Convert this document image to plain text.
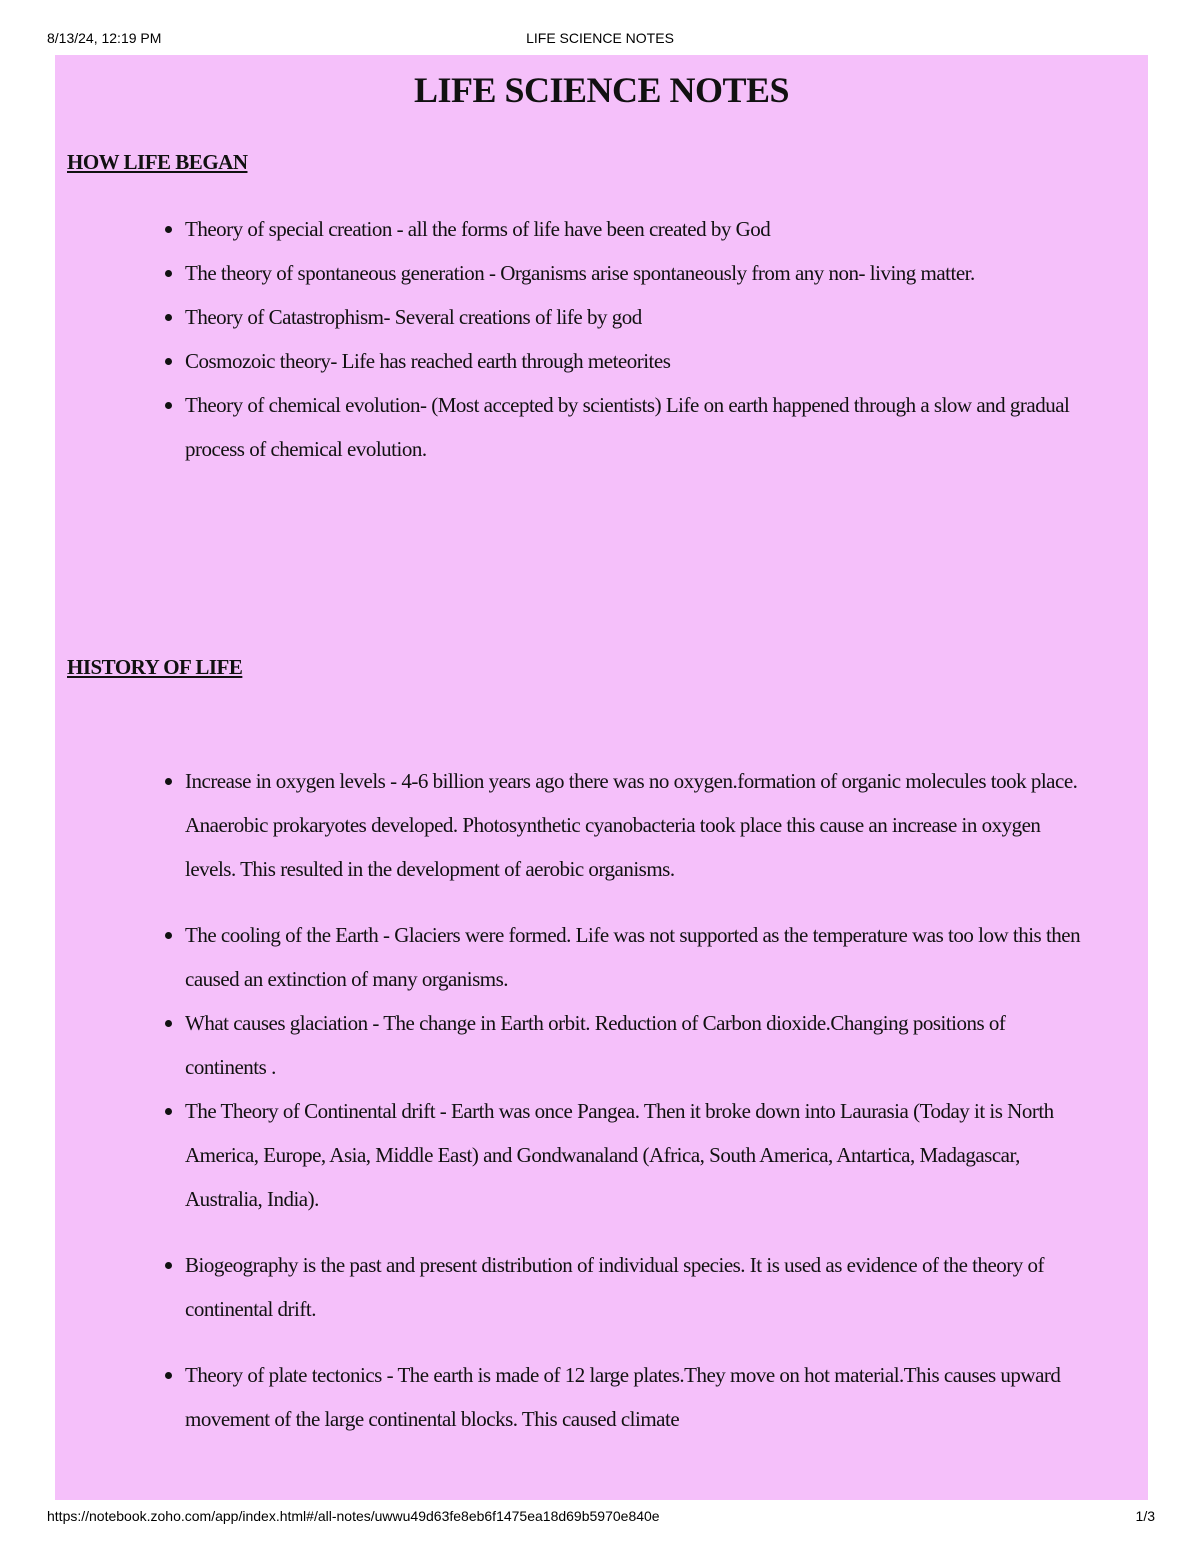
8/13/24, 12:19 PM	LIFE SCIENCE NOTES
LIFE SCIENCE NOTES
HOW LIFE BEGAN
Theory of special creation - all the forms of life have been created by God
The theory of spontaneous generation - Organisms arise spontaneously from any non- living matter.
Theory of Catastrophism- Several creations of life by god
Cosmozoic theory- Life has reached earth through meteorites
Theory of chemical evolution- (Most accepted by scientists) Life on earth happened through a slow and gradual process of chemical evolution.
HISTORY OF LIFE
Increase in oxygen levels - 4-6 billion years ago there was no oxygen.formation of organic molecules took place. Anaerobic prokaryotes developed. Photosynthetic cyanobacteria took place this cause an increase in oxygen levels. This resulted in the development of aerobic organisms.
The cooling of the Earth - Glaciers were formed. Life was not supported as the temperature was too low this then caused an extinction of many organisms.
What causes glaciation - The change in Earth orbit. Reduction of Carbon dioxide.Changing positions of continents .
The Theory of Continental drift - Earth was once Pangea. Then it broke down into Laurasia (Today it is North America, Europe, Asia, Middle East) and Gondwanaland (Africa, South America, Antartica, Madagascar, Australia, India).
Biogeography is the past and present distribution of individual species. It is used as evidence of the theory of continental drift.
Theory of plate tectonics - The earth is made of 12 large plates.They move on hot material.This causes upward movement of the large continental blocks. This caused climate
https://notebook.zoho.com/app/index.html#/all-notes/uwwu49d63fe8eb6f1475ea18d69b5970e840e	1/3
